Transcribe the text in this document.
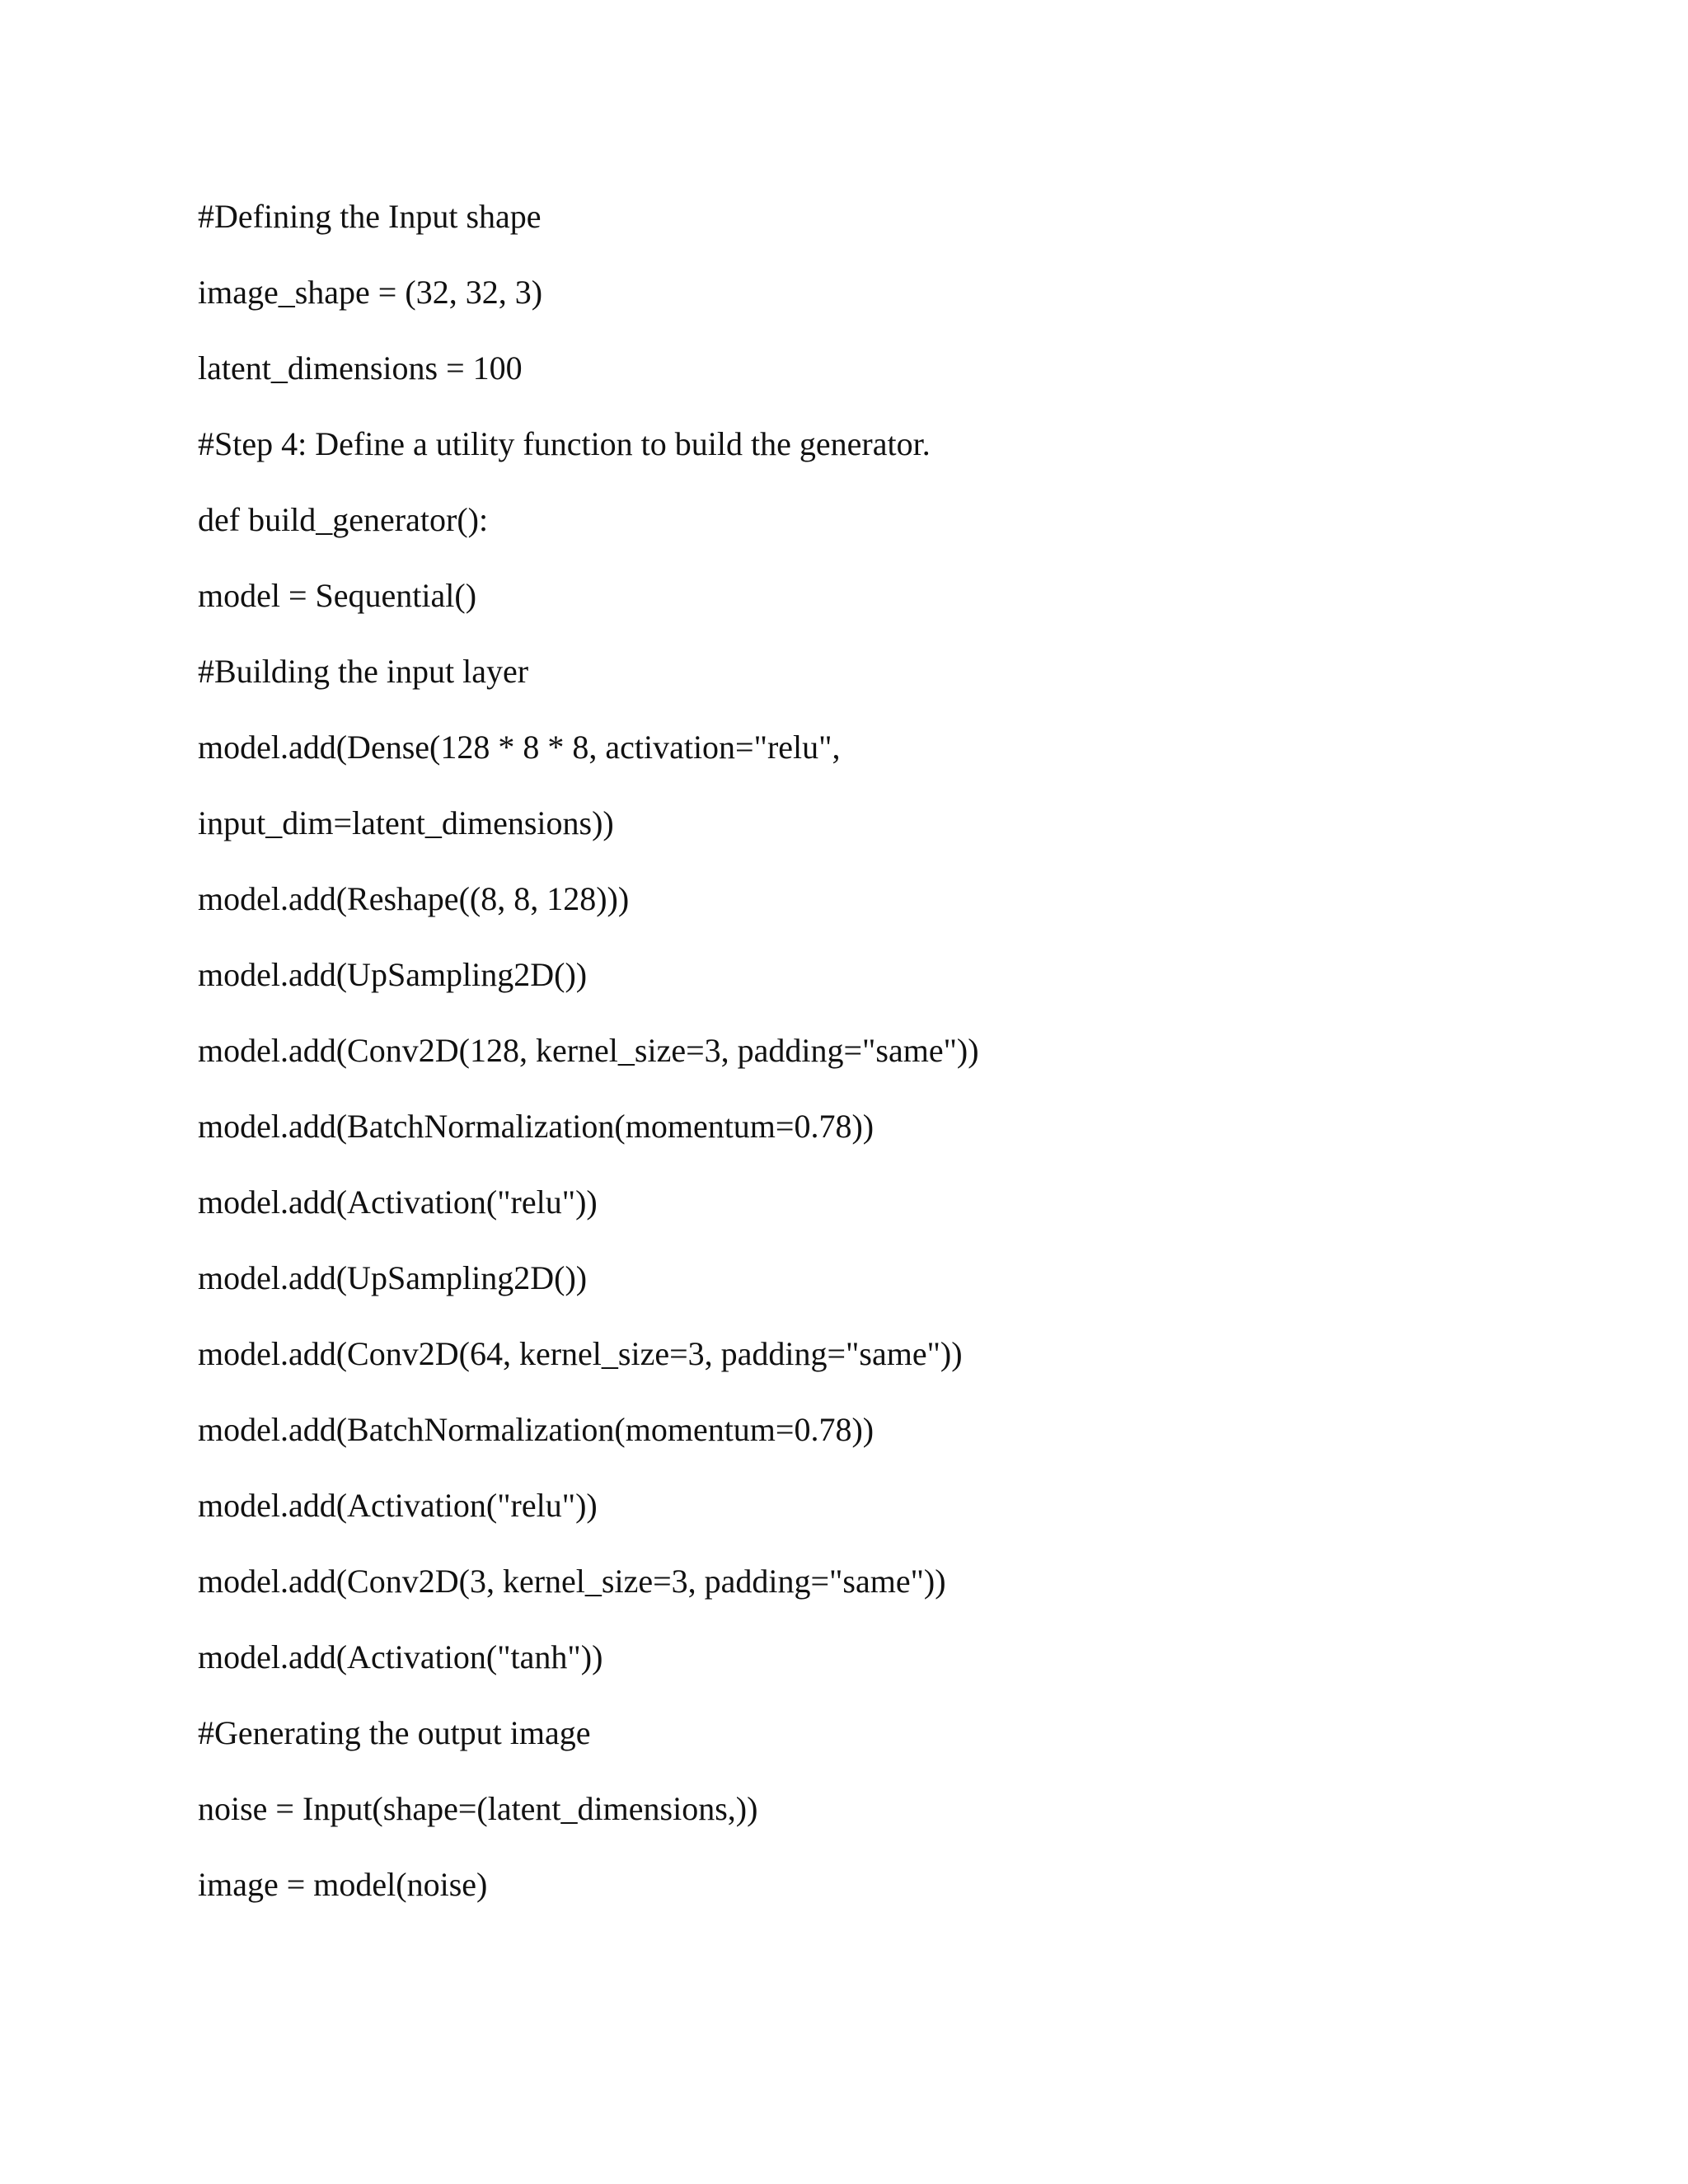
#Defining the Input shape
image_shape = (32, 32, 3)
latent_dimensions = 100
#Step 4: Define a utility function to build the generator.
def build_generator():
model = Sequential()
#Building the input layer
model.add(Dense(128 * 8 * 8, activation="relu",
input_dim=latent_dimensions))
model.add(Reshape((8, 8, 128)))
model.add(UpSampling2D())
model.add(Conv2D(128, kernel_size=3, padding="same"))
model.add(BatchNormalization(momentum=0.78))
model.add(Activation("relu"))
model.add(UpSampling2D())
model.add(Conv2D(64, kernel_size=3, padding="same"))
model.add(BatchNormalization(momentum=0.78))
model.add(Activation("relu"))
model.add(Conv2D(3, kernel_size=3, padding="same"))
model.add(Activation("tanh"))
#Generating the output image
noise = Input(shape=(latent_dimensions,))
image = model(noise)
